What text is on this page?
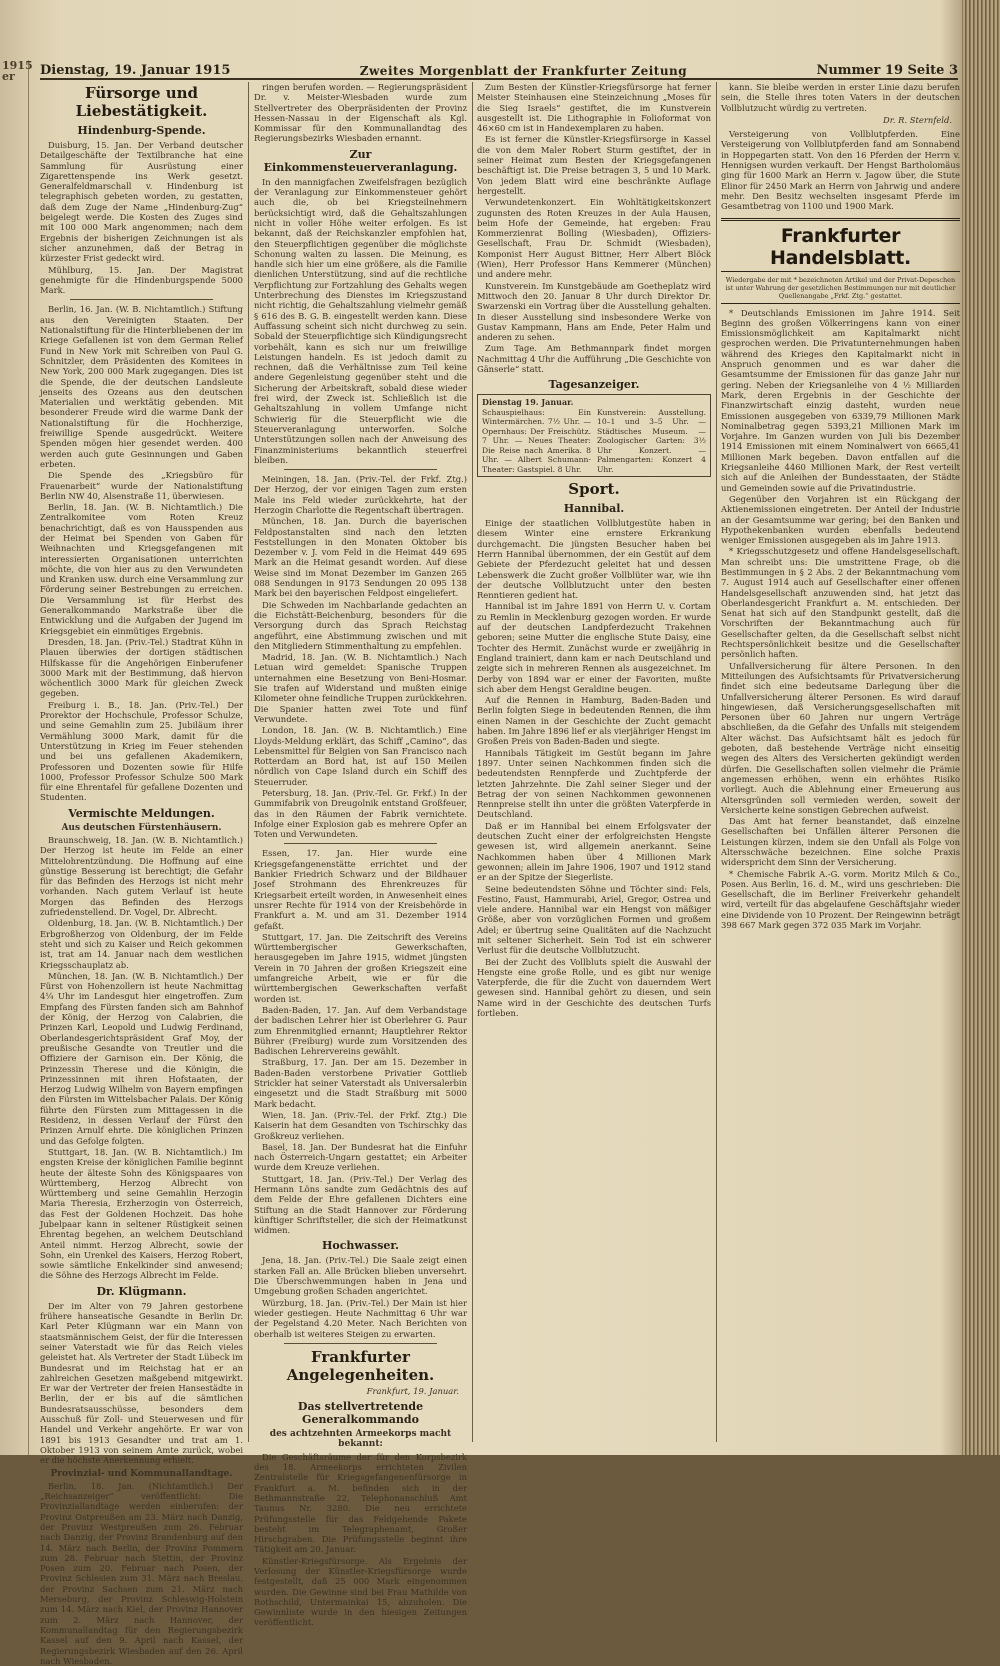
1915
er	Dienstag, 19. Januar 1915	Zweites Morgenblatt der Frankfurter Zeitung	Nummer 19 Seite 3
Fürsorge und Liebestätigkeit.
Hindenburg-Spende.

Duisburg, 15. Jan. Der Verband deutscher Detailgeschäfte der Textilbranche hat eine Sammlung für Ausrüstung einer Zigarettenspende ins Werk gesetzt. Generalfeldmarschall v. Hindenburg ist telegraphisch gebeten worden, zu gestatten, daß dem Zuge der Name „Hindenburg-Zug“ beigelegt werde. Die Kosten des Zuges sind mit 100 000 Mark angenommen; nach dem Ergebnis der bisherigen Zeichnungen ist als sicher anzunehmen, daß der Betrag in kürzester Frist gedeckt wird.

Mühlburg, 15. Jan. Der Magistrat genehmigte für die Hindenburgspende 5000 Mark.

Berlin, 16. Jan. (W. B. Nichtamtlich.) Stiftung aus den Vereinigten Staaten. Der Nationalstiftung für die Hinterbliebenen der im Kriege Gefallenen ist von dem German Relief Fund in New York mit Schreiben von Paul G. Schnitzler, dem Präsidenten des Komitees in New York, 200 000 Mark zugegangen. Dies ist die Spende, die der deutschen Landsleute jenseits des Ozeans aus den deutschen Materialien und werktätig gebenden. Mit besonderer Freude wird die warme Dank der Nationalstiftung für die Hochherzige, freiwillige Spende ausgedrückt. Weitere Spenden mögen hier gesendet werden. 400 werden auch gute Gesinnungen und Gaben erbeten.

Die Spende des „Kriegsbüro für Frauenarbeit“ wurde der Nationalstiftung Berlin NW 40, Alsenstraße 11, überwiesen.

Berlin, 18. Jan. (W. B. Nichtamtlich.) Die Zentralkomitee vom Roten Kreuz benachrichtigt, daß es von Hausspenden aus der Heimat bei Spenden von Gaben für Weihnachten und Kriegsgefangenen mit interessierten Organisationen unterrichten möchte, die von hier aus zu den Verwundeten und Kranken usw. durch eine Versammlung zur Förderung seiner Bestrebungen zu erreichen. Die Versammlung ist für Herbst des Generalkommando Markstraße über die Entwicklung und die Aufgaben der Jugend im Kriegsgebiet ein einmütiges Ergebnis.

Dresden, 18. Jan. (Priv.-Tel.) Stadtrat Kühn in Plauen überwies der dortigen städtischen Hilfskasse für die Angehörigen Einberufener 3000 Mark mit der Bestimmung, daß hiervon wöchentlich 3000 Mark für gleichen Zweck gegeben.

Freiburg i. B., 18. Jan. (Priv.-Tel.) Der Prorektor der Hochschule, Professor Schulze, und seine Gemahlin zum 25. Jubiläum ihrer Vermählung 3000 Mark, damit für die Unterstützung in Krieg im Feuer stehenden und bei uns gefallenen Akademikern, Professoren und Dozenten sowie für Hilfe 1000, Professor Professor Schulze 500 Mark für eine Ehrentafel für gefallene Dozenten und Studenten.

Vermischte Meldungen.
Aus deutschen Fürstenhäusern.

Braunschweig, 18. Jan. (W. B. Nichtamtlich.) Der Herzog ist heute im Felde an einer Mittelohrentzündung. Die Hoffnung auf eine günstige Besserung ist berechtigt; die Gefahr für das Befinden des Herzogs ist nicht mehr vorhanden. Nach gutem Verlauf ist heute Morgen das Befinden des Herzogs zufriedenstellend. Dr. Vogel, Dr. Albrecht.

Oldenburg, 18. Jan. (W. B. Nichtamtlich.) Der Erbgroßherzog von Oldenburg, der im Felde steht und sich zu Kaiser und Reich gekommen ist, trat am 14. Januar nach dem westlichen Kriegsschauplatz ab.

München, 18. Jan. (W. B. Nichtamtlich.) Der Fürst von Hohenzollern ist heute Nachmittag 4¼ Uhr im Landesgut hier eingetroffen. Zum Empfang des Fürsten fanden sich am Bahnhof der König, der Herzog von Calabrien, die Prinzen Karl, Leopold und Ludwig Ferdinand, Oberlandesgerichtspräsident Graf Moy, der preußische Gesandte von Treutler und die Offiziere der Garnison ein. Der König, die Prinzessin Therese und die Königin, die Prinzessinnen mit ihren Hofstaaten, der Herzog Ludwig Wilhelm von Bayern empfingen den Fürsten im Wittelsbacher Palais. Der König führte den Fürsten zum Mittagessen in die Residenz, in dessen Verlauf der Fürst den Prinzen Arnulf ehrte. Die königlichen Prinzen und das Gefolge folgten.

Stuttgart, 18. Jan. (W. B. Nichtamtlich.) Im engsten Kreise der königlichen Familie beginnt heute der älteste Sohn des Königspaares von Württemberg, Herzog Albrecht von Württemberg und seine Gemahlin Herzogin Maria Theresia, Erzherzogin von Österreich, das Fest der Goldenen Hochzeit. Das hohe Jubelpaar kann in seltener Rüstigkeit seinen Ehrentag begehen, an welchem Deutschland Anteil nimmt. Herzog Albrecht, sowie der Sohn, ein Urenkel des Kaisers, Herzog Robert, sowie sämtliche Enkelkinder sind anwesend; die Söhne des Herzogs Albrecht im Felde.

Dr. Klügmann.

Der im Alter von 79 Jahren gestorbene frühere hanseatische Gesandte in Berlin Dr. Karl Peter Klügmann war ein Mann von staatsmännischem Geist, der für die Interessen seiner Vaterstadt wie für das Reich vieles geleistet hat. Als Vertreter der Stadt Lübeck im Bundesrat und im Reichstag hat er an zahlreichen Gesetzen maßgebend mitgewirkt. Er war der Vertreter der freien Hansestädte in Berlin, der er bis auf die sämtlichen Bundesratsausschüsse, besonders dem Ausschuß für Zoll- und Steuerwesen und für Handel und Verkehr angehörte. Er war von 1891 bis 1913 Gesandter und trat am 1. Oktober 1913 von seinem Amte zurück, wobei er die höchste Anerkennung erhielt.

Provinzial- und Kommunallandtage.

Berlin, 18. Jan. (Nichtamtlich.) Der „Reichsanzeiger“ veröffentlicht: Die Provinziallandtage werden einberufen: der Provinz Ostpreußen am 23. März nach Danzig, der Provinz Westpreußen zum 26. Februar nach Danzig, der Provinz Brandenburg auf den 14. März nach Berlin, der Provinz Pommern zum 28. Februar nach Stettin, der Provinz Posen zum 20. Februar nach Posen, der Provinz Schlesien zum 31. März nach Breslau, der Provinz Sachsen zum 21. März nach Merseburg, der Provinz Schleswig-Holstein zum 14. März nach Kiel, der Provinz Hannover zum 2. März nach Hannover, der Kommunallandtag für den Regierungsbezirk Kassel auf den 9. April nach Kassel, der Regierungsbezirk Wiesbaden auf den 26. April nach Wiesbaden.

ringen berufen worden. — Regierungspräsident Dr. v. Meister-Wiesbaden wurde zum Stellvertreter des Oberpräsidenten der Provinz Hessen-Nassau in der Eigenschaft als Kgl. Kommissar für den Kommunallandtag des Regierungsbezirks Wiesbaden ernannt.

Zur Einkommensteuerveranlagung.

In den mannigfachen Zweifelsfragen bezüglich der Veranlagung zur Einkommensteuer gehört auch die, ob bei Kriegsteilnehmern berücksichtigt wird, daß die Gehaltszahlungen nicht in voller Höhe weiter erfolgen. Es ist bekannt, daß der Reichskanzler empfohlen hat, den Steuerpflichtigen gegenüber die möglichste Schonung walten zu lassen. Die Meinung, es handle sich hier um eine größere, als die Familie dienlichen Unterstützung, sind auf die rechtliche Verpflichtung zur Fortzahlung des Gehalts wegen Unterbrechung des Dienstes im Kriegszustand nicht richtig, die Gehaltszahlung vielmehr gemäß § 616 des B. G. B. eingestellt werden kann. Diese Auffassung scheint sich nicht durchweg zu sein. Sobald der Steuerpflichtige sich Kündigungsrecht vorbehält, kann es sich nur um freiwillige Leistungen handeln. Es ist jedoch damit zu rechnen, daß die Verhältnisse zum Teil keine andere Gegenleistung gegenüber steht und die Sicherung der Arbeitskraft, sobald diese wieder frei wird, der Zweck ist. Schließlich ist die Gehaltszahlung in vollem Umfange nicht Schwierig für die Steuerpflicht wie die Steuerveranlagung unterworfen. Solche Unterstützungen sollen nach der Anweisung des Finanzministeriums bekanntlich steuerfrei bleiben.

Meiningen, 18. Jan. (Priv.-Tel. der Frkf. Ztg.) Der Herzog, der vor einigen Tagen zum ersten Male ins Feld wieder zurückkehrte, hat der Herzogin Charlotte die Regentschaft übertragen.

München, 18. Jan. Durch die bayerischen Feldpostanstalten sind nach den letzten Feststellungen in den Monaten Oktober bis Dezember v. J. vom Feld in die Heimat 449 695 Mark an die Heimat gesandt worden. Auf diese Weise sind im Monat Dezember im Ganzen 265 088 Sendungen in 9173 Sendungen 20 095 138 Mark bei den bayerischen Feldpost eingeliefert.

Die Schweden im Nachbarlande gedachten an die Eichstätt-Beichenburg, besonders für die Versorgung durch das Sprach Reichstag angeführt, eine Abstimmung zwischen und mit den Mitgliedern Stimmenthaltung zu empfehlen.

Madrid, 18. Jan. (W. B. Nichtamtlich.) Nach Letuan wird gemeldet: Spanische Truppen unternahmen eine Besetzung von Beni-Hosmar. Sie trafen auf Widerstand und mußten einige Kilometer ohne feindliche Truppen zurückkehren. Die Spanier hatten zwei Tote und fünf Verwundete.

London, 18. Jan. (W. B. Nichtamtlich.) Eine Lloyds-Meldung erklärt, das Schiff „Camino“, das Lebensmittel für Belgien von San Francisco nach Rotterdam an Bord hat, ist auf 150 Meilen nördlich von Cape Island durch ein Schiff des Steuerruder.

Petersburg, 18. Jan. (Priv.-Tel. Gr. Frkf.) In der Gummifabrik von Dreugolnik entstand Großfeuer, das in den Räumen der Fabrik vernichtete. Infolge einer Explosion gab es mehrere Opfer an Toten und Verwundeten.

Essen, 17. Jan. Hier wurde eine Kriegsgefangenenstätte errichtet und der Bankier Friedrich Schwarz und der Bildhauer Josef Strohmann des Ehrenkreuzes für Kriegsarbeit erteilt worden, in Anwesenheit eines unsrer Rechte für 1914 von der Kreisbehörde in Frankfurt a. M. und am 31. Dezember 1914 gefaßt.

Stuttgart, 17. Jan. Die Zeitschrift des Vereins Württembergischer Gewerkschaften, herausgegeben im Jahre 1915, widmet jüngsten Verein in 70 Jahren der großen Kriegszeit eine umfangreiche Arbeit, wie er für die württembergischen Gewerkschaften verfaßt worden ist.

Baden-Baden, 17. Jan. Auf dem Verbandstage der badischen Lehrer hier ist Oberlehrer G. Paur zum Ehrenmitglied ernannt; Hauptlehrer Rektor Bührer (Freiburg) wurde zum Vorsitzenden des Badischen Lehrervereins gewählt.

Straßburg, 17. Jan. Der am 15. Dezember in Baden-Baden verstorbene Privatier Gottlieb Strickler hat seiner Vaterstadt als Universalerbin eingesetzt und die Stadt Straßburg mit 5000 Mark bedacht.

Wien, 18. Jan. (Priv.-Tel. der Frkf. Ztg.) Die Kaiserin hat dem Gesandten von Tschirschky das Großkreuz verliehen.

Basel, 18. Jan. Der Bundesrat hat die Einfuhr nach Österreich-Ungarn gestattet; ein Arbeiter wurde dem Kreuze verliehen.

Stuttgart, 18. Jan. (Priv.-Tel.) Der Verlag des Hermann Löns sandte zum Gedächtnis des auf dem Felde der Ehre gefallenen Dichters eine Stiftung an die Stadt Hannover zur Förderung künftiger Schriftsteller, die sich der Heimatkunst widmen.

Hochwasser.

Jena, 18. Jan. (Priv.-Tel.) Die Saale zeigt einen starken Fall an. Alle Brücken blieben unversehrt. Die Überschwemmungen haben in Jena und Umgebung großen Schaden angerichtet.

Würzburg, 18. Jan. (Priv.-Tel.) Der Main ist hier wieder gestiegen. Heute Nachmittag 6 Uhr war der Pegelstand 4.20 Meter. Nach Berichten von oberhalb ist weiteres Steigen zu erwarten.

Frankfurter Angelegenheiten.
Frankfurt, 19. Januar.
Das stellvertretende Generalkommando
des achtzehnten Armeekorps macht bekannt:

Die Geschäftsräume der für den Korpsbezirk des 18. Armeekorps errichteten Zivilen Zentralstelle für Kriegsgefangenenfürsorge in Frankfurt a. M. befinden sich in der Bethmannstraße 22, Telephonanschluß Amt Taunus Nr. 3280. Die neu errichtete Prüfungsstelle für das Feldgehende Pakete besteht im Telegraphenamt, Großer Hirschgraben. Die Prüfungsstelle beginnt ihre Tätigkeit am 20. Januar.

Künstler-Kriegsfürsorge. Als Ergebnis der Verlosung der Künstler-Kriegsfürsorge wurde festgestellt, daß 25 000 Mark eingenommen wurden. Die Gewinne sind bei Frau Mathilde von Rothschild, Untermainkai 15, abzuholen. Die Gewinnliste wurde in den hiesigen Zeitungen veröffentlicht.

Zum Besten der Künstler-Kriegsfürsorge hat ferner Meister Steinhausen eine Steinzeichnung „Moses für die Sieg Israels“ gestiftet, die im Kunstverein ausgestellt ist. Die Lithographie in Folioformat von 46×60 cm ist in Handexemplaren zu haben.

Es ist ferner die Künstler-Kriegsfürsorge in Kassel die von dem Maler Robert Sturm gestiftet, der in seiner Heimat zum Besten der Kriegsgefangenen beschäftigt ist. Die Preise betragen 3, 5 und 10 Mark. Von jedem Blatt wird eine beschränkte Auflage hergestellt.

Verwundetenkonzert. Ein Wohltätigkeitskonzert zugunsten des Roten Kreuzes in der Aula Hausen, beim Hofe der Gemeinde, hat ergeben: Frau Kommerzienrat Bolling (Wiesbaden), Offiziers-Gesellschaft, Frau Dr. Schmidt (Wiesbaden), Komponist Herr August Bittner, Herr Albert Blöck (Wien), Herr Professor Hans Kemmerer (München) und andere mehr.

Kunstverein. Im Kunstgebäude am Goetheplatz wird Mittwoch den 20. Januar 8 Uhr durch Direktor Dr. Swarzenski ein Vortrag über die Ausstellung gehalten. In dieser Ausstellung sind insbesondere Werke von Gustav Kampmann, Hans am Ende, Peter Halm und anderen zu sehen.

Zum Tage. Am Bethmannpark findet morgen Nachmittag 4 Uhr die Aufführung „Die Geschichte von Gänserle“ statt.

Tagesanzeiger.
Dienstag 19. Januar.
Schauspielhaus: Ein Wintermärchen. 7½ Uhr. — Opernhaus: Der Freischütz. 7 Uhr. — Neues Theater: Die Reise nach Amerika. 8 Uhr. — Albert Schumann-Theater: Gastspiel. 8 Uhr.
Kunstverein: Ausstellung. 10–1 und 3–5 Uhr. — Städtisches Museum. — Zoologischer Garten: 3½ Uhr Konzert. — Palmengarten: Konzert 4 Uhr.
Sport.
Hannibal.

Einige der staatlichen Vollblutgestüte haben in diesem Winter eine ernstere Erkrankung durchgemacht. Die jüngsten Besucher haben bei Herrn Hannibal übernommen, der ein Gestüt auf dem Gebiete der Pferdezucht geleitet hat und dessen Lebenswerk die Zucht großer Vollblüter war, wie ihn der deutsche Vollblutzucht unter den besten Renntieren gedient hat.

Hannibal ist im Jahre 1891 von Herrn U. v. Cortam zu Remlin in Mecklenburg gezogen worden. Er wurde auf der deutschen Landpferdezucht Trakehnen geboren; seine Mutter die englische Stute Daisy, eine Tochter des Hermit. Zunächst wurde er zweijährig in England trainiert, dann kam er nach Deutschland und zeigte sich in mehreren Rennen als ausgezeichnet. Im Derby von 1894 war er einer der Favoriten, mußte sich aber dem Hengst Geraldine beugen.

Auf die Rennen in Hamburg, Baden-Baden und Berlin folgten Siege in bedeutenden Rennen, die ihm einen Namen in der Geschichte der Zucht gemacht haben. Im Jahre 1896 lief er als vierjähriger Hengst im Großen Preis von Baden-Baden und siegte.

Hannibals Tätigkeit im Gestüt begann im Jahre 1897. Unter seinen Nachkommen finden sich die bedeutendsten Rennpferde und Zuchtpferde der letzten Jahrzehnte. Die Zahl seiner Sieger und der Betrag der von seinen Nachkommen gewonnenen Rennpreise stellt ihn unter die größten Vaterpferde in Deutschland.

Daß er im Hannibal bei einem Erfolgsvater der deutschen Zucht einer der erfolgreichsten Hengste gewesen ist, wird allgemein anerkannt. Seine Nachkommen haben über 4 Millionen Mark gewonnen; allein im Jahre 1906, 1907 und 1912 stand er an der Spitze der Siegerliste.

Seine bedeutendsten Söhne und Töchter sind: Fels, Festino, Faust, Hammurabi, Ariel, Gregor, Ostrea und viele andere. Hannibal war ein Hengst von mäßiger Größe, aber von vorzüglichen Formen und großem Adel; er übertrug seine Qualitäten auf die Nachzucht mit seltener Sicherheit. Sein Tod ist ein schwerer Verlust für die deutsche Vollblutzucht.

Bei der Zucht des Vollbluts spielt die Auswahl der Hengste eine große Rolle, und es gibt nur wenige Vaterpferde, die für die Zucht von dauerndem Wert gewesen sind. Hannibal gehört zu diesen, und sein Name wird in der Geschichte des deutschen Turfs fortleben.

kann. Sie bleibe werden in erster Linie dazu berufen sein, die Stelle ihres toten Vaters in der deutschen Vollblutzucht würdig zu vertreten.

Dr. R. Sternfeld.

Versteigerung von Vollblutpferden. Eine Versteigerung von Vollblutpferden fand am Sonnabend in Hoppegarten statt. Von den 16 Pferden der Herrn v. Hennigsen wurden verkauft. Der Hengst Bartholomäus ging für 1600 Mark an Herrn v. Jagow über, die Stute Elinor für 2450 Mark an Herrn von Jahrwig und andere mehr. Den Besitz wechselten insgesamt Pferde im Gesamtbetrag von 1100 und 1900 Mark.

Frankfurter Handelsblatt.
Wiedergabe der mit * bezeichneten Artikel und der Privat-Depeschen ist unter Wahrung der gesetzlichen Bestimmungen nur mit deutlicher Quellenangabe „Frkf. Ztg.“ gestattet.

* Deutschlands Emissionen im Jahre 1914. Seit Beginn des großen Völkerringens kann von einer Emissionsmöglichkeit am Kapitalmarkt nicht gesprochen werden. Die Privatunternehmungen haben während des Krieges den Kapitalmarkt nicht in Anspruch genommen und es war daher die Gesamtsumme der Emissionen für das ganze Jahr nur gering. Neben der Kriegsanleihe von 4 ½ Milliarden Mark, deren Ergebnis in der Geschichte der Finanzwirtschaft einzig dasteht, wurden neue Emissionen ausgegeben von 6339,79 Millionen Mark Nominalbetrag gegen 5393,21 Millionen Mark im Vorjahre. Im Ganzen wurden von Juli bis Dezember 1914 Emissionen mit einem Nominalwert von 6665,41 Millionen Mark begeben. Davon entfallen auf die Kriegsanleihe 4460 Millionen Mark, der Rest verteilt sich auf die Anleihen der Bundesstaaten, der Städte und Gemeinden sowie auf die Privatindustrie.

Gegenüber den Vorjahren ist ein Rückgang der Aktienemissionen eingetreten. Der Anteil der Industrie an der Gesamtsumme war gering; bei den Banken und Hypothekenbanken wurden ebenfalls bedeutend weniger Emissionen ausgegeben als im Jahre 1913.

* Kriegsschutzgesetz und offene Handelsgesellschaft. Man schreibt uns: Die umstrittene Frage, ob die Bestimmungen in § 2 Abs. 2 der Bekanntmachung vom 7. August 1914 auch auf Gesellschafter einer offenen Handelsgesellschaft anzuwenden sind, hat jetzt das Oberlandesgericht Frankfurt a. M. entschieden. Der Senat hat sich auf den Standpunkt gestellt, daß die Vorschriften der Bekanntmachung auch für Gesellschafter gelten, da die Gesellschaft selbst nicht Rechtspersönlichkeit besitze und die Gesellschafter persönlich haften.

Unfallversicherung für ältere Personen. In den Mitteilungen des Aufsichtsamts für Privatversicherung findet sich eine bedeutsame Darlegung über die Unfallversicherung älterer Personen. Es wird darauf hingewiesen, daß Versicherungsgesellschaften mit Personen über 60 Jahren nur ungern Verträge abschließen, da die Gefahr des Unfalls mit steigendem Alter wächst. Das Aufsichtsamt hält es jedoch für geboten, daß bestehende Verträge nicht einseitig wegen des Alters des Versicherten gekündigt werden dürfen. Die Gesellschaften sollen vielmehr die Prämie angemessen erhöhen, wenn ein erhöhtes Risiko vorliegt. Auch die Ablehnung einer Erneuerung aus Altersgründen soll vermieden werden, soweit der Versicherte keine sonstigen Gebrechen aufweist.

Das Amt hat ferner beanstandet, daß einzelne Gesellschaften bei Unfällen älterer Personen die Leistungen kürzen, indem sie den Unfall als Folge von Altersschwäche bezeichnen. Eine solche Praxis widerspricht dem Sinn der Versicherung.

* Chemische Fabrik A.-G. vorm. Moritz Milch & Co., Posen. Aus Berlin, 16. d. M., wird uns geschrieben: Die Gesellschaft, die im Berliner Freiverkehr gehandelt wird, verteilt für das abgelaufene Geschäftsjahr wieder eine Dividende von 10 Prozent. Der Reingewinn beträgt 398 667 Mark gegen 372 035 Mark im Vorjahr.
